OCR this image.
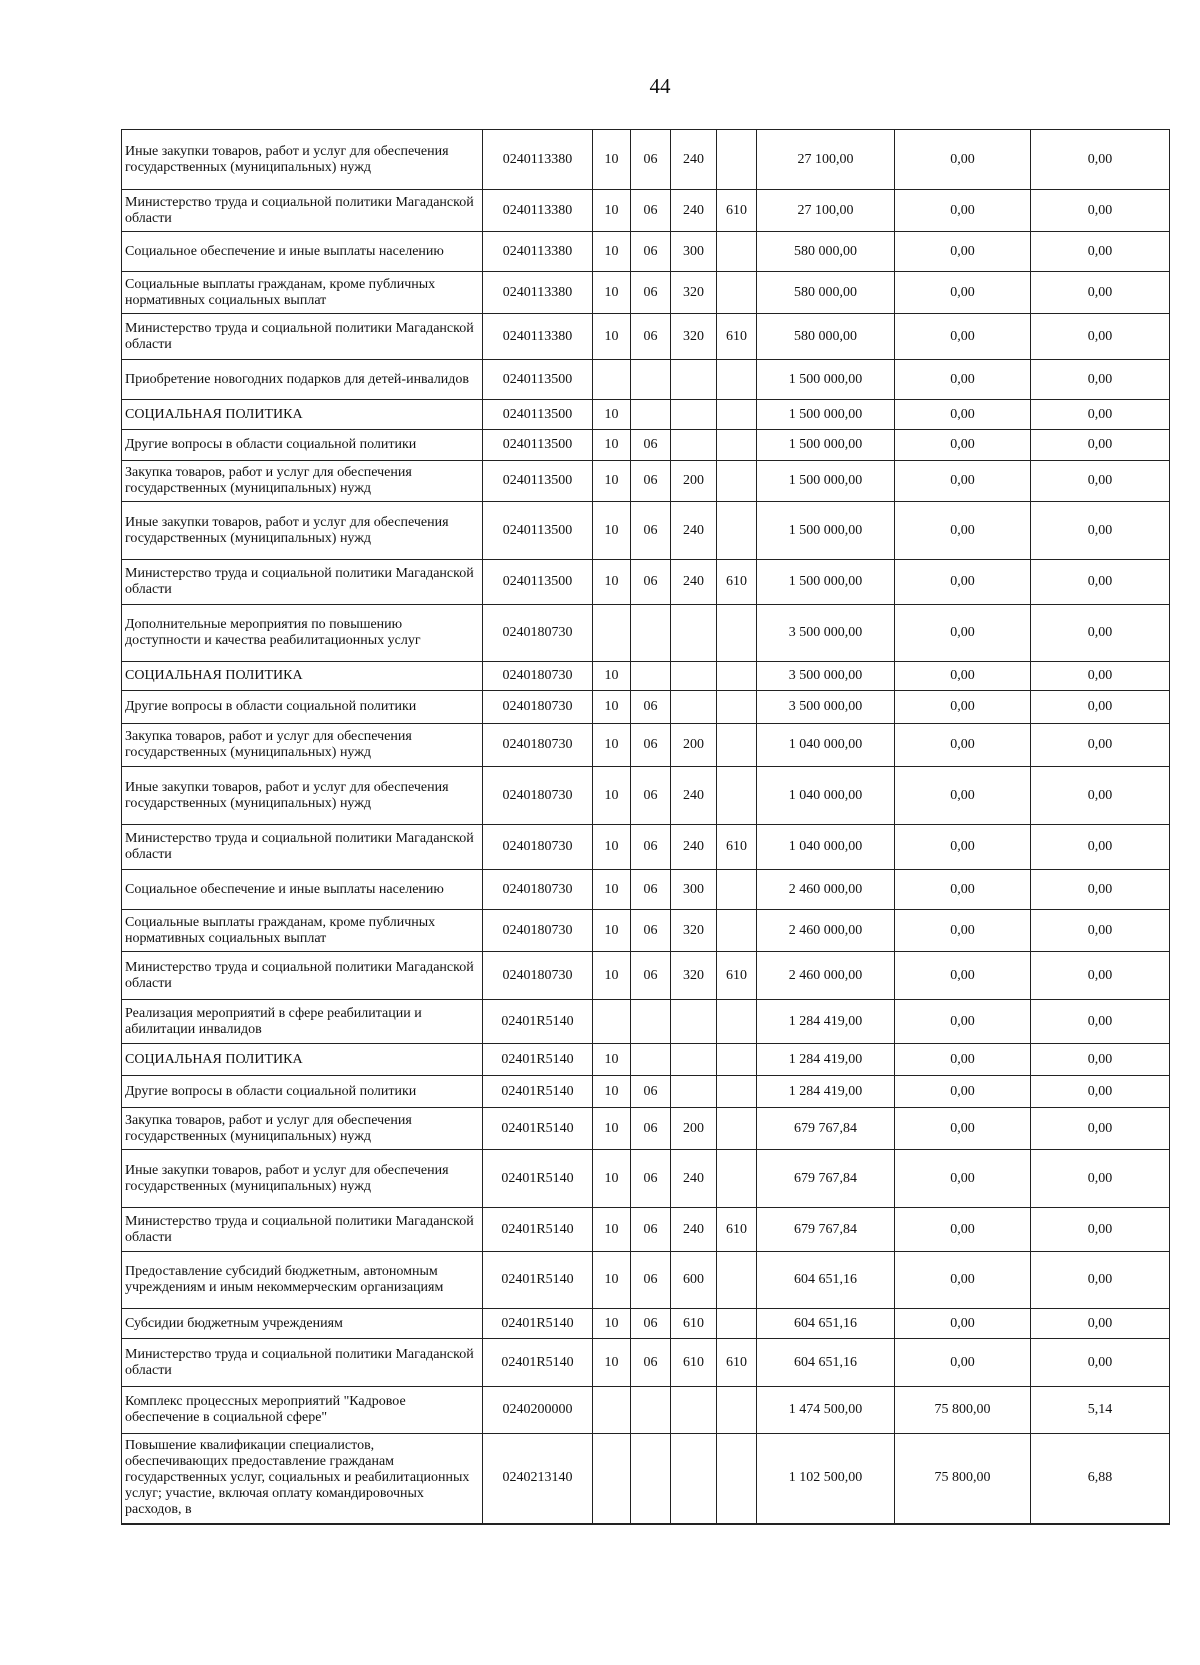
44
Иные закупки товаров, работ и услуг для обеспечения государственных (муниципальных) нужд	0240113380	10	06	240		27 100,00	0,00	0,00
Министерство труда и социальной политики Магаданской области	0240113380	10	06	240	610	27 100,00	0,00	0,00
Социальное обеспечение и иные выплаты населению	0240113380	10	06	300		580 000,00	0,00	0,00
Социальные выплаты гражданам, кроме публичных нормативных социальных выплат	0240113380	10	06	320		580 000,00	0,00	0,00
Министерство труда и социальной политики Магаданской области	0240113380	10	06	320	610	580 000,00	0,00	0,00
Приобретение новогодних подарков для детей-инвалидов	0240113500					1 500 000,00	0,00	0,00
СОЦИАЛЬНАЯ ПОЛИТИКА	0240113500	10				1 500 000,00	0,00	0,00
Другие вопросы в области социальной политики	0240113500	10	06			1 500 000,00	0,00	0,00
Закупка товаров, работ и услуг для обеспечения государственных (муниципальных) нужд	0240113500	10	06	200		1 500 000,00	0,00	0,00
Иные закупки товаров, работ и услуг для обеспечения государственных (муниципальных) нужд	0240113500	10	06	240		1 500 000,00	0,00	0,00
Министерство труда и социальной политики Магаданской области	0240113500	10	06	240	610	1 500 000,00	0,00	0,00
Дополнительные мероприятия по повышению доступности и качества реабилитационных услуг	0240180730					3 500 000,00	0,00	0,00
СОЦИАЛЬНАЯ ПОЛИТИКА	0240180730	10				3 500 000,00	0,00	0,00
Другие вопросы в области социальной политики	0240180730	10	06			3 500 000,00	0,00	0,00
Закупка товаров, работ и услуг для обеспечения государственных (муниципальных) нужд	0240180730	10	06	200		1 040 000,00	0,00	0,00
Иные закупки товаров, работ и услуг для обеспечения государственных (муниципальных) нужд	0240180730	10	06	240		1 040 000,00	0,00	0,00
Министерство труда и социальной политики Магаданской области	0240180730	10	06	240	610	1 040 000,00	0,00	0,00
Социальное обеспечение и иные выплаты населению	0240180730	10	06	300		2 460 000,00	0,00	0,00
Социальные выплаты гражданам, кроме публичных нормативных социальных выплат	0240180730	10	06	320		2 460 000,00	0,00	0,00
Министерство труда и социальной политики Магаданской области	0240180730	10	06	320	610	2 460 000,00	0,00	0,00
Реализация мероприятий в сфере реабилитации и абилитации инвалидов	02401R5140					1 284 419,00	0,00	0,00
СОЦИАЛЬНАЯ ПОЛИТИКА	02401R5140	10				1 284 419,00	0,00	0,00
Другие вопросы в области социальной политики	02401R5140	10	06			1 284 419,00	0,00	0,00
Закупка товаров, работ и услуг для обеспечения государственных (муниципальных) нужд	02401R5140	10	06	200		679 767,84	0,00	0,00
Иные закупки товаров, работ и услуг для обеспечения государственных (муниципальных) нужд	02401R5140	10	06	240		679 767,84	0,00	0,00
Министерство труда и социальной политики Магаданской области	02401R5140	10	06	240	610	679 767,84	0,00	0,00
Предоставление субсидий бюджетным, автономным учреждениям и иным некоммерческим организациям	02401R5140	10	06	600		604 651,16	0,00	0,00
Субсидии бюджетным учреждениям	02401R5140	10	06	610		604 651,16	0,00	0,00
Министерство труда и социальной политики Магаданской области	02401R5140	10	06	610	610	604 651,16	0,00	0,00
Комплекс процессных мероприятий "Кадровое обеспечение в социальной сфере"	0240200000					1 474 500,00	75 800,00	5,14
Повышение квалификации специалистов, обеспечивающих предоставление гражданам государственных услуг, социальных и реабилитационных услуг; участие, включая оплату командировочных расходов, в	0240213140					1 102 500,00	75 800,00	6,88
